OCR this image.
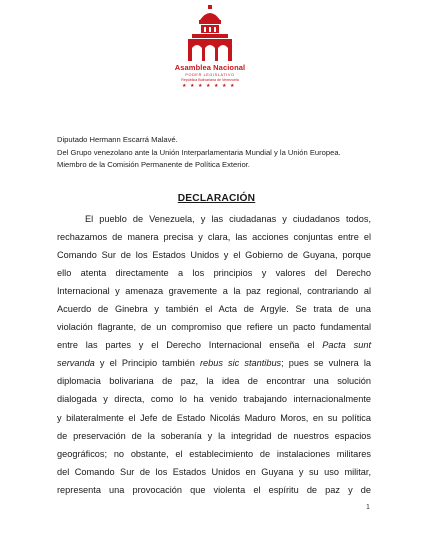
Asamblea Nacional
PODER LEGISLATIVO
República Bolivariana de Venezuela
★★★★★★★
Diputado Hermann Escarrá Malavé.
Del Grupo venezolano ante la Unión Interparlamentaria Mundial y la Unión Europea.
Miembro de la Comisión Permanente de Política Exterior.
DECLARACIÓN
El pueblo de Venezuela, y las ciudadanas y ciudadanos todos,
rechazamos de manera precisa y clara, las acciones conjuntas entre el
Comando Sur de los Estados Unidos y el Gobierno de Guyana, porque
ello atenta directamente a los principios y valores del Derecho
Internacional y amenaza gravemente a la paz regional, contrariando al
Acuerdo de Ginebra y también el Acta de Argyle. Se trata de una
violación flagrante, de un compromiso que refiere un pacto fundamental
entre las partes y el Derecho Internacional enseña el Pacta sunt
servanda y el Principio también rebus sic stantibus; pues se vulnera la
diplomacia bolivariana de paz, la idea de encontrar una solución
dialogada y directa, como lo ha venido trabajando internacionalmente
y bilateralmente el Jefe de Estado Nicolás Maduro Moros, en su política
de preservación de la soberanía y la integridad de nuestros espacios
geográficos; no obstante, el establecimiento de instalaciones militares
del Comando Sur de los Estados Unidos en Guyana y su uso militar,
representa una provocación que violenta el espíritu de paz y de
1
